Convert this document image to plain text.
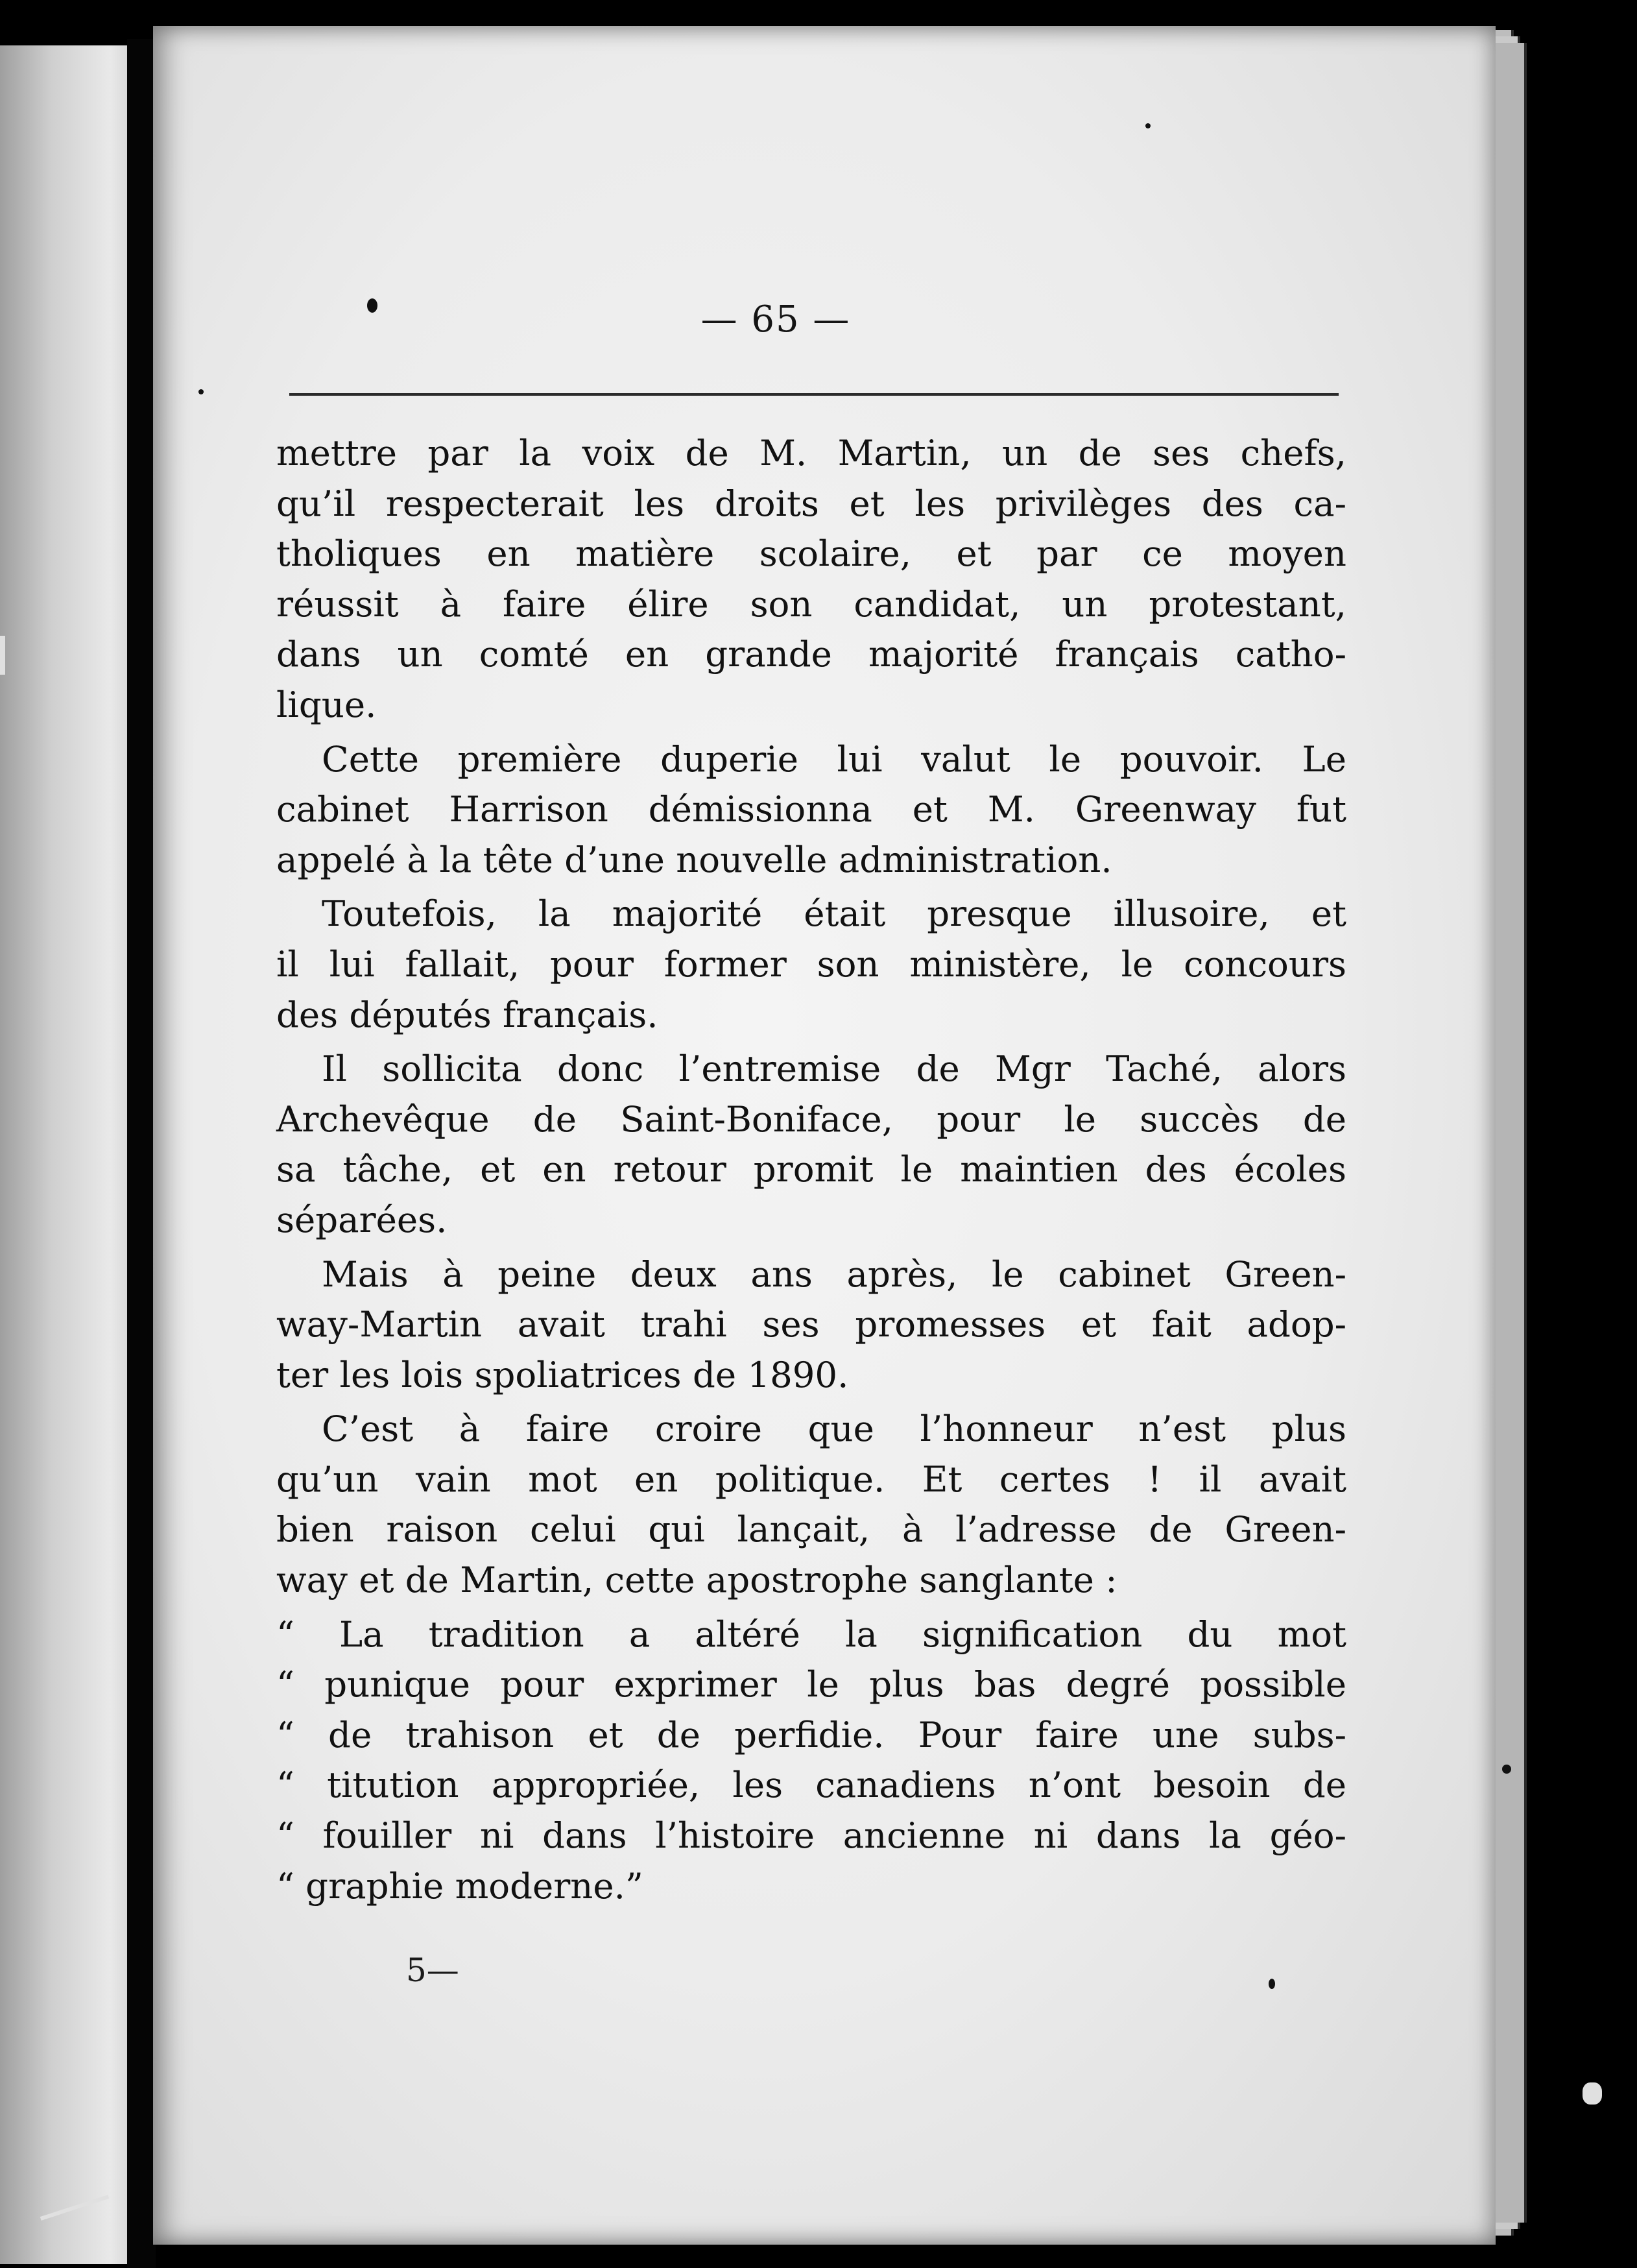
— 65 —
mettre par la voix de M. Martin, un de ses chefs,
qu’il respecterait les droits et les privilèges des ca-
tholiques en matière scolaire, et par ce moyen
réussit à faire élire son candidat, un protestant,
dans un comté en grande majorité français catho-
lique.
Cette première duperie lui valut le pouvoir. Le
cabinet Harrison démissionna et M. Greenway fut
appelé à la tête d’une nouvelle administration.
Toutefois, la majorité était presque illusoire, et
il lui fallait, pour former son ministère, le concours
des députés français.
Il sollicita donc l’entremise de Mgr Taché, alors
Archevêque de Saint-Boniface, pour le succès de
sa tâche, et en retour promit le maintien des écoles
séparées.
Mais à peine deux ans après, le cabinet Green-
way-Martin avait trahi ses promesses et fait adop-
ter les lois spoliatrices de 1890.
C’est à faire croire que l’honneur n’est plus
qu’un vain mot en politique. Et certes ! il avait
bien raison celui qui lançait, à l’adresse de Green-
way et de Martin, cette apostrophe sanglante :
“ La tradition a altéré la signification du mot
“ punique pour exprimer le plus bas degré possible
“ de trahison et de perfidie. Pour faire une subs-
“ titution appropriée, les canadiens n’ont besoin de
“ fouiller ni dans l’histoire ancienne ni dans la géo-
“ graphie moderne.”
5—
